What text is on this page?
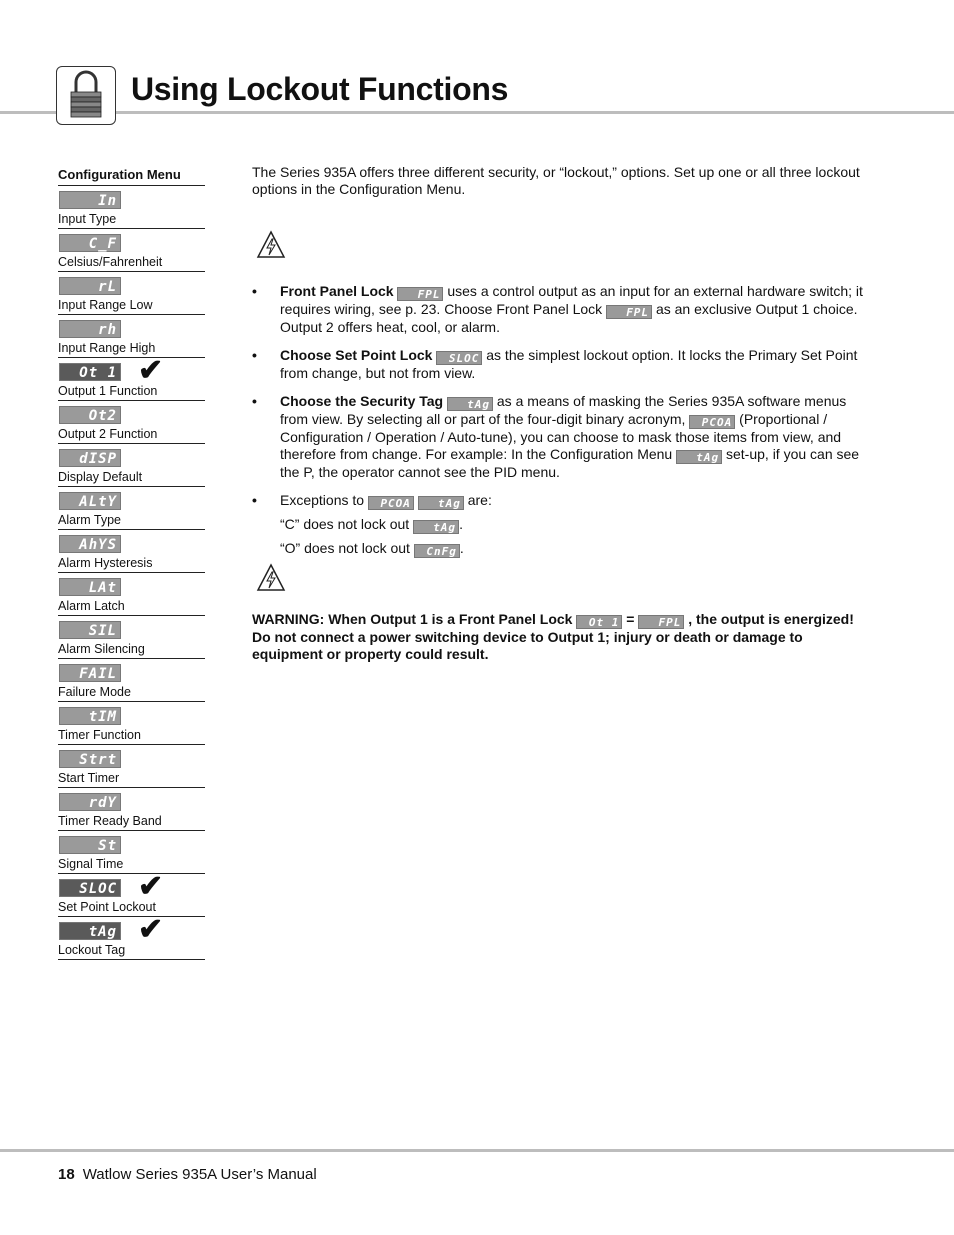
Using Lockout Functions
Configuration Menu
In
Input Type
C_F
Celsius/Fahrenheit
rL
Input Range Low
rh
Input Range High
Ot 1 ✔
Output 1 Function
Ot2
Output 2 Function
dISP
Display Default
ALtY
Alarm Type
AhYS
Alarm Hysteresis
LAt
Alarm Latch
SIL
Alarm Silencing
FAIL
Failure Mode
tIM
Timer Function
Strt
Start Timer
rdY
Timer Ready Band
St
Signal Time
SLOC ✔
Set Point Lockout
tAg ✔
Lockout Tag

The Series 935A offers three different security, or “lockout,” options. Set up one or all three lockout options in the Configuration Menu.

• Front Panel Lock FPL uses a control output as an input for an external hardware switch; it requires wiring, see p. 23. Choose Front Panel Lock FPL as an exclusive Output 1 choice. Output 2 offers heat, cool, or alarm.
• Choose Set Point Lock SLOC as the simplest lockout option. It locks the Primary Set Point from change, but not from view.
• Choose the Security Tag tAg as a means of masking the Series 935A software menus from view. By selecting all or part of the four-digit binary acronym, PCOA (Proportional / Configuration / Operation / Auto-tune), you can choose to mask those items from view, and therefore from change. For example: In the Configuration Menu tAg set-up, if you can see the P, the operator cannot see the PID menu.
• Exceptions to PCOA tAg are:

“C” does not lock out tAg .

“O” does not lock out CnFg .

WARNING: When Output 1 is a Front Panel Lock Ot 1 = FPL , the output is energized! Do not connect a power switching device to Output 1; injury or death or damage to equipment or property could result.

18 Watlow Series 935A User’s Manual
